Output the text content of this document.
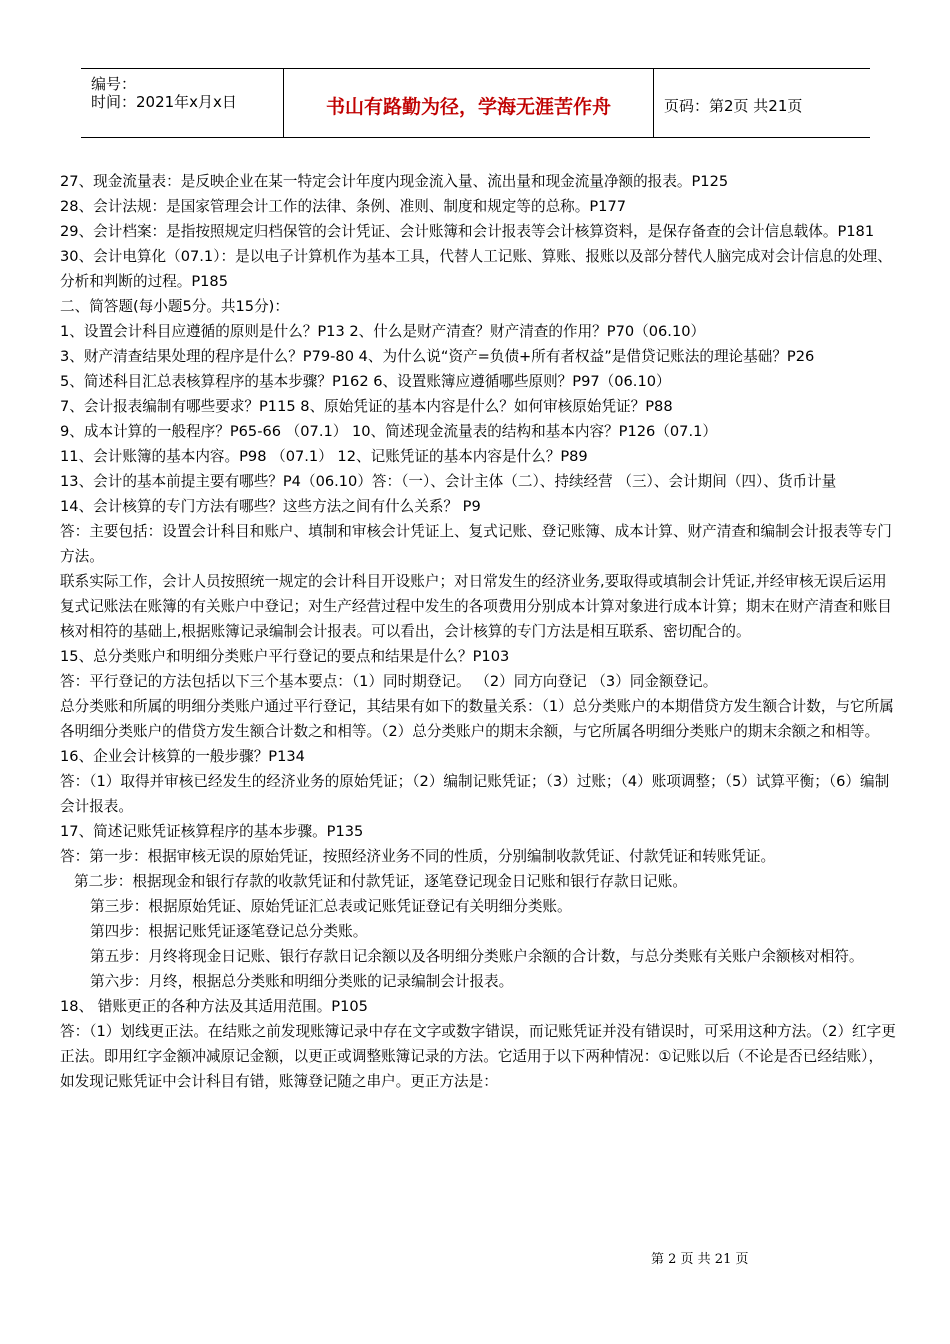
编号：
时间：2021年x月x日	书山有路勤为径，学海无涯苦作舟	页码：第2页 共21页

27、现金流量表：是反映企业在某一特定会计年度内现金流入量、流出量和现金流量净额的报表。P125

28、会计法规：是国家管理会计工作的法律、条例、准则、制度和规定等的总称。P177

29、会计档案：是指按照规定归档保管的会计凭证、会计账簿和会计报表等会计核算资料，是保存备查的会计信息载体。P181

30、会计电算化（07.1）：是以电子计算机作为基本工具，代替人工记账、算账、报账以及部分替代人脑完成对会计信息的处理、分析和判断的过程。P185

二、简答题(每小题5分。共15分)：

1、设置会计科目应遵循的原则是什么？P13 2、什么是财产清查？财产清查的作用？P70（06.10）

3、财产清查结果处理的程序是什么？P79-80 4、为什么说“资产=负债+所有者权益”是借贷记账法的理论基础？P26

5、简述科目汇总表核算程序的基本步骤？P162 6、设置账簿应遵循哪些原则？P97（06.10）

7、会计报表编制有哪些要求？P115 8、原始凭证的基本内容是什么？如何审核原始凭证？P88

9、成本计算的一般程序？P65-66 （07.1） 10、简述现金流量表的结构和基本内容？P126（07.1）

11、会计账簿的基本内容。P98 （07.1） 12、记账凭证的基本内容是什么？P89

13、会计的基本前提主要有哪些？P4（06.10）答：（一）、会计主体（二）、持续经营 （三）、会计期间（四）、货币计量

14、会计核算的专门方法有哪些？这些方法之间有什么关系？ P9

答：主要包括：设置会计科目和账户、填制和审核会计凭证上、复式记账、登记账簿、成本计算、财产清查和编制会计报表等专门方法。

联系实际工作，会计人员按照统一规定的会计科目开设账户；对日常发生的经济业务,要取得或填制会计凭证,并经审核无误后运用复式记账法在账簿的有关账户中登记；对生产经营过程中发生的各项费用分别成本计算对象进行成本计算；期末在财产清查和账目核对相符的基础上,根据账簿记录编制会计报表。可以看出，会计核算的专门方法是相互联系、密切配合的。

15、总分类账户和明细分类账户平行登记的要点和结果是什么？P103

答：平行登记的方法包括以下三个基本要点：（1）同时期登记。 （2）同方向登记 （3）同金额登记。

总分类账和所属的明细分类账户通过平行登记，其结果有如下的数量关系：（1）总分类账户的本期借贷方发生额合计数，与它所属各明细分类账户的借贷方发生额合计数之和相等。（2）总分类账户的期末余额，与它所属各明细分类账户的期末余额之和相等。

16、企业会计核算的一般步骤？P134

答：（1）取得并审核已经发生的经济业务的原始凭证；（2）编制记账凭证；（3）过账；（4）账项调整；（5）试算平衡；（6）编制会计报表。

17、简述记账凭证核算程序的基本步骤。P135

答：第一步：根据审核无误的原始凭证，按照经济业务不同的性质，分别编制收款凭证、付款凭证和转账凭证。

第二步：根据现金和银行存款的收款凭证和付款凭证，逐笔登记现金日记账和银行存款日记账。

第三步：根据原始凭证、原始凭证汇总表或记账凭证登记有关明细分类账。

第四步：根据记账凭证逐笔登记总分类账。

第五步：月终将现金日记账、银行存款日记余额以及各明细分类账户余额的合计数，与总分类账有关账户余额核对相符。

第六步：月终，根据总分类账和明细分类账的记录编制会计报表。

18、 错账更正的各种方法及其适用范围。P105

答：（1）划线更正法。在结账之前发现账簿记录中存在文字或数字错误，而记账凭证并没有错误时，可采用这种方法。（2）红字更正法。即用红字金额冲减原记金额，以更正或调整账簿记录的方法。它适用于以下两种情况：①记账以后（不论是否已经结账），如发现记账凭证中会计科目有错，账簿登记随之串户。更正方法是：

第 2 页 共 21 页
